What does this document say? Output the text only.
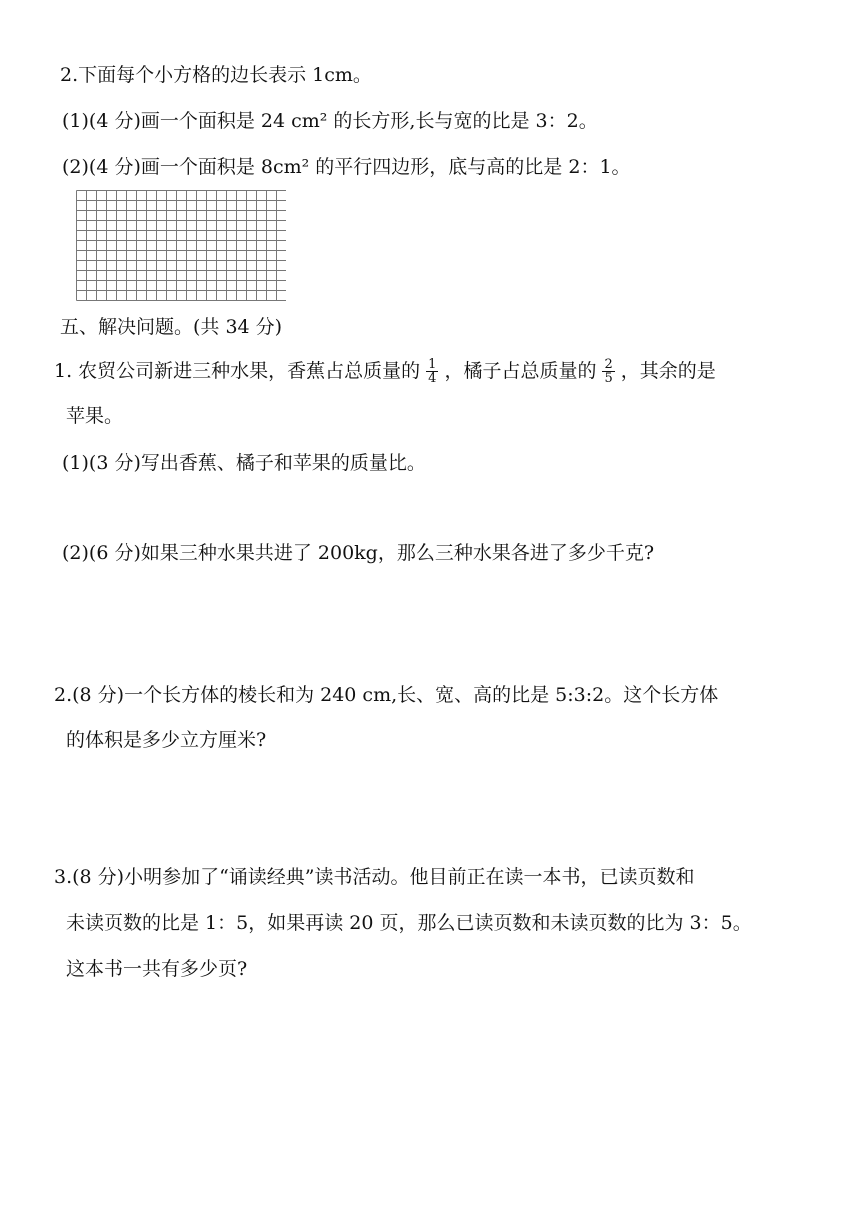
2.下面每个小方格的边长表示 1cm。
(1)(4 分)画一个面积是 24 cm² 的长方形,长与宽的比是 3：2。
(2)(4 分)画一个面积是 8cm² 的平行四边形，底与高的比是 2：1。
五、解决问题。(共 34 分)
1. 农贸公司新进三种水果，香蕉占总质量的 $\frac{1}{4}$ ，橘子占总质量的 $\frac{2}{5}$ ，其余的是
苹果。
(1)(3 分)写出香蕉、橘子和苹果的质量比。
(2)(6 分)如果三种水果共进了 200kg，那么三种水果各进了多少千克?
2.(8 分)一个长方体的棱长和为 240 cm,长、宽、高的比是 5:3:2。这个长方体
的体积是多少立方厘米?
3.(8 分)小明参加了“诵读经典”读书活动。他目前正在读一本书，已读页数和
未读页数的比是 1：5，如果再读 20 页，那么已读页数和未读页数的比为 3：5。
这本书一共有多少页?
